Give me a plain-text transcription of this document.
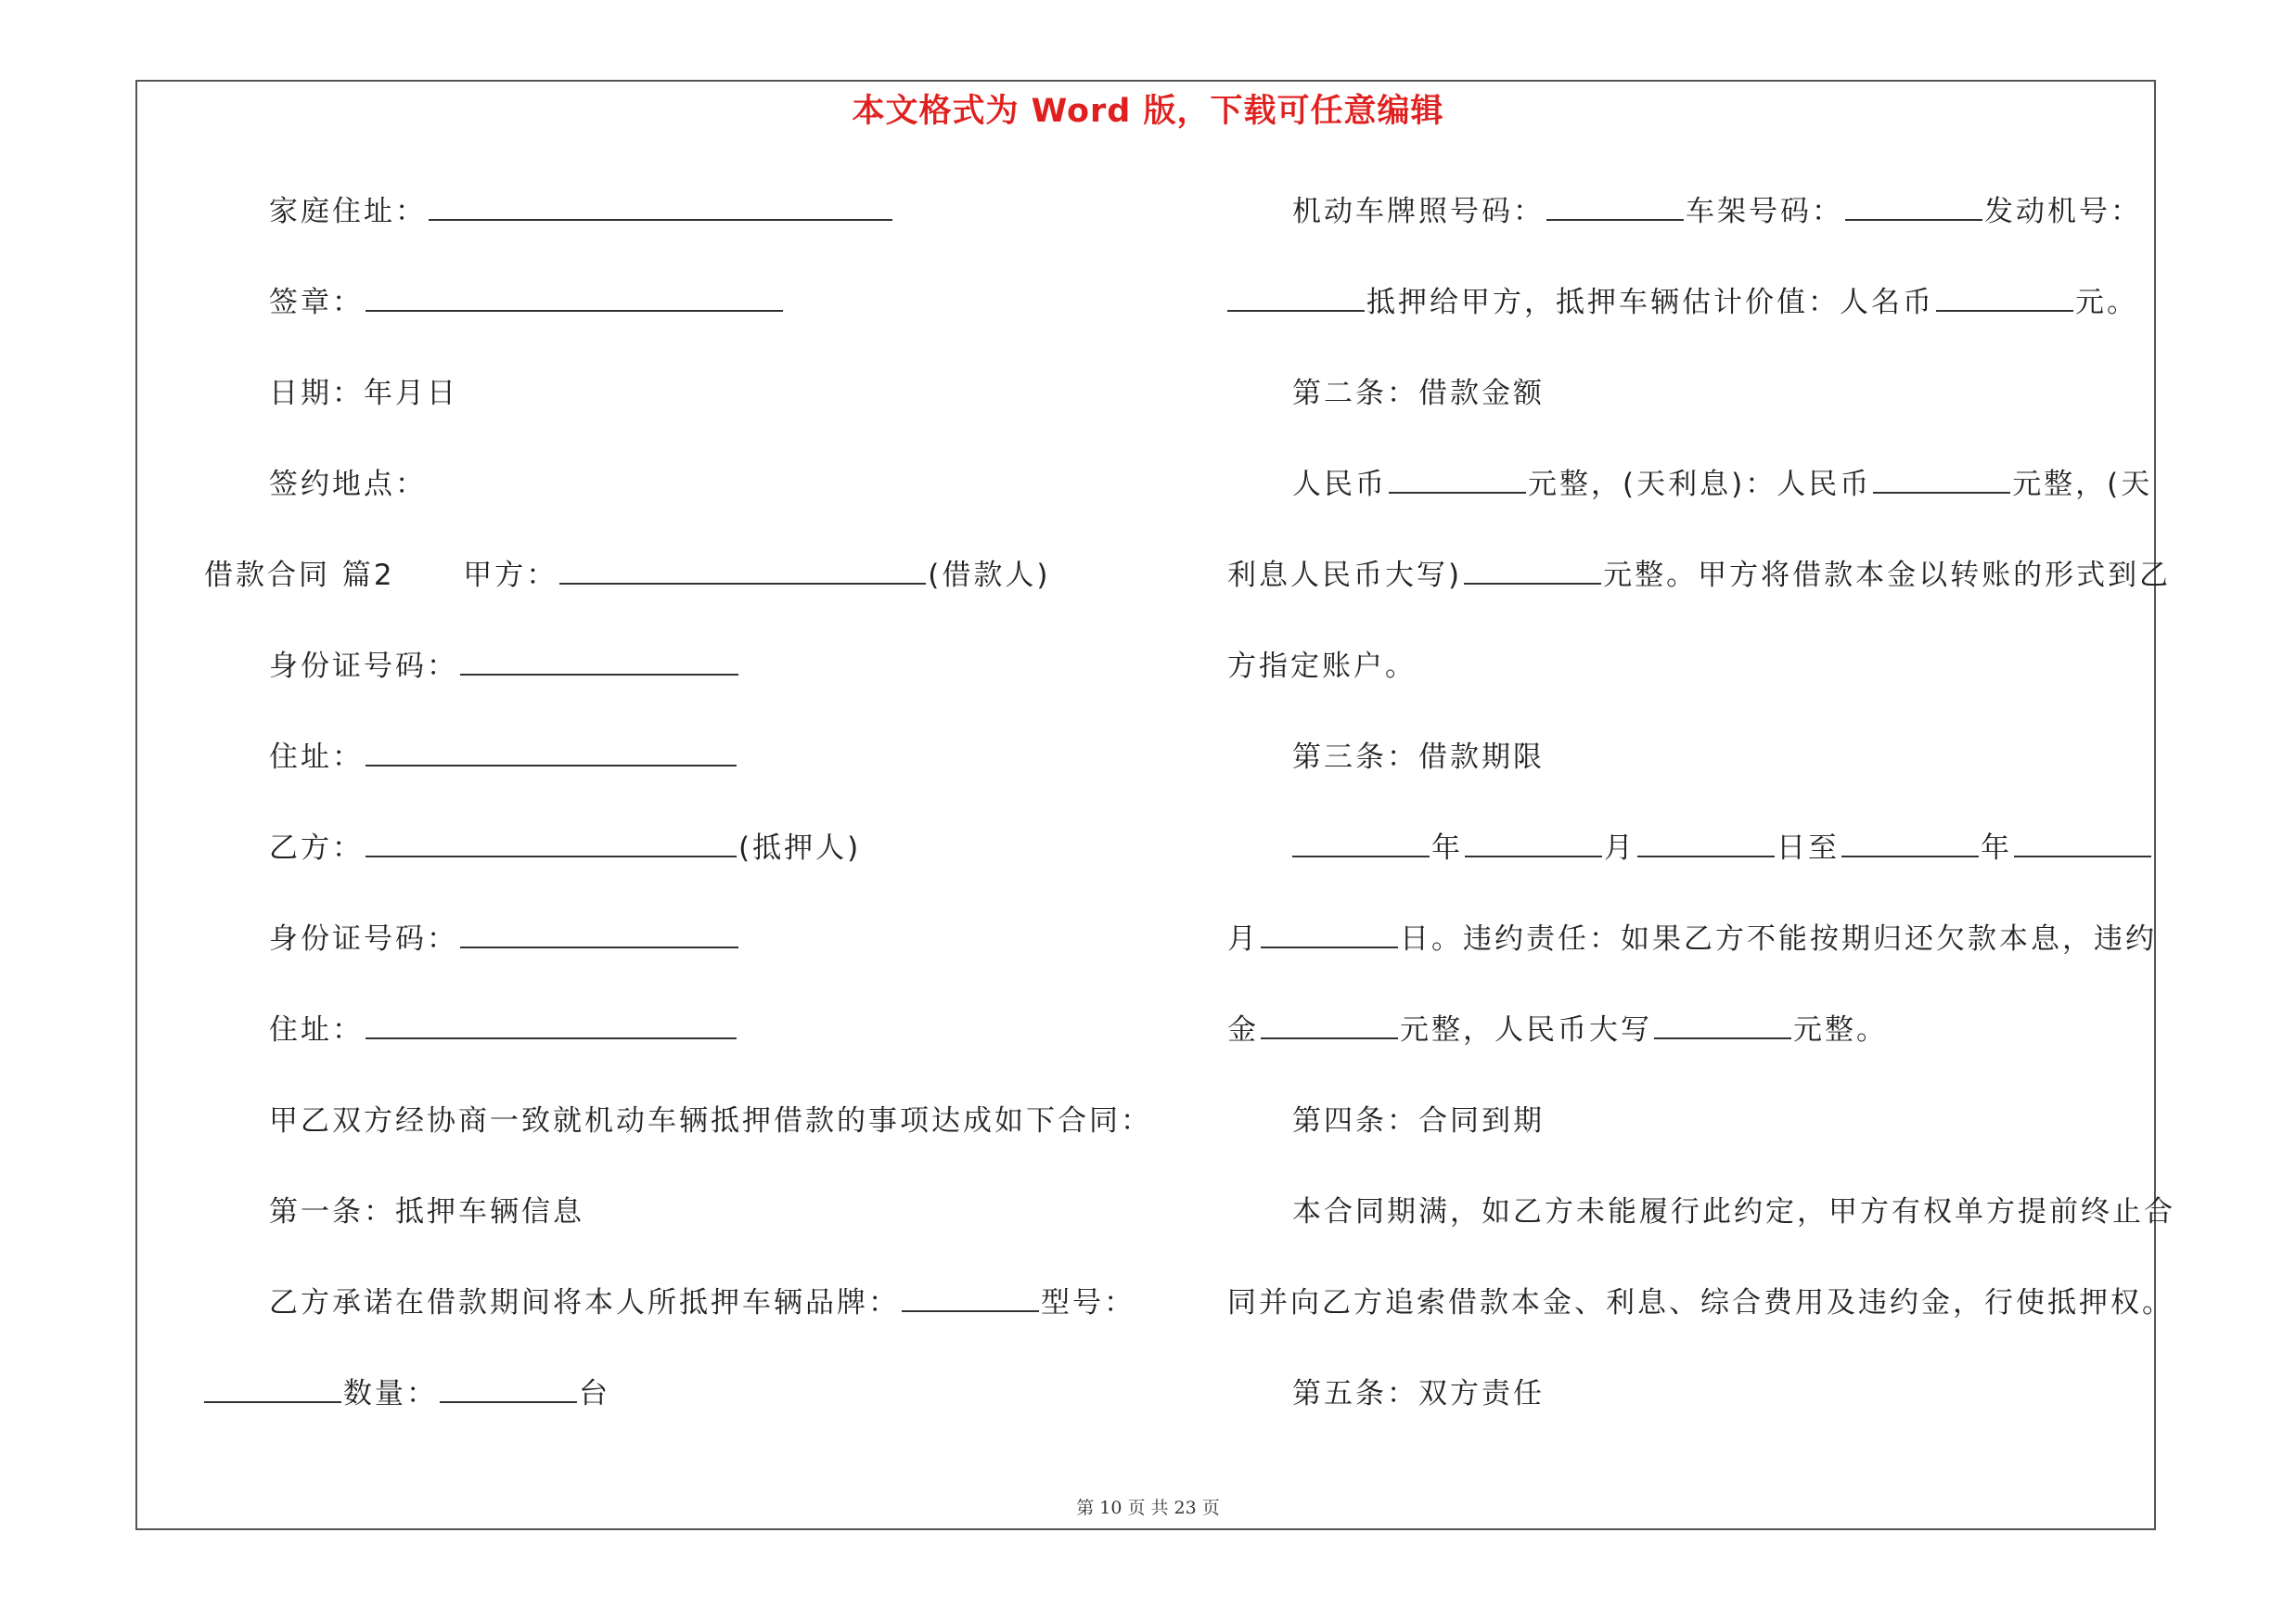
本文格式为 Word 版，下载可任意编辑
家庭住址：
签章：
日期：年月日
签约地点：
借款合同 篇2 甲方：	(借款人)
身份证号码：
住址：
乙方：	(抵押人)
身份证号码：
住址：
甲乙双方经协商一致就机动车辆抵押借款的事项达成如下合同：
第一条：抵押车辆信息
乙方承诺在借款期间将本人所抵押车辆品牌：	型号：
数量：	台
机动车牌照号码：	车架号码：	发动机号：
抵押给甲方，抵押车辆估计价值：人名币	元。
第二条：借款金额
人民币	元整，(天利息)：人民币	元整，(天
利息人民币大写)	元整。甲方将借款本金以转账的形式到乙
方指定账户。
第三条：借款期限
年	月	日至	年
月	日。违约责任：如果乙方不能按期归还欠款本息，违约
金	元整，人民币大写	元整。
第四条：合同到期
本合同期满，如乙方未能履行此约定，甲方有权单方提前终止合
同并向乙方追索借款本金、利息、综合费用及违约金，行使抵押权。
第五条：双方责任
第 10 页 共 23 页
